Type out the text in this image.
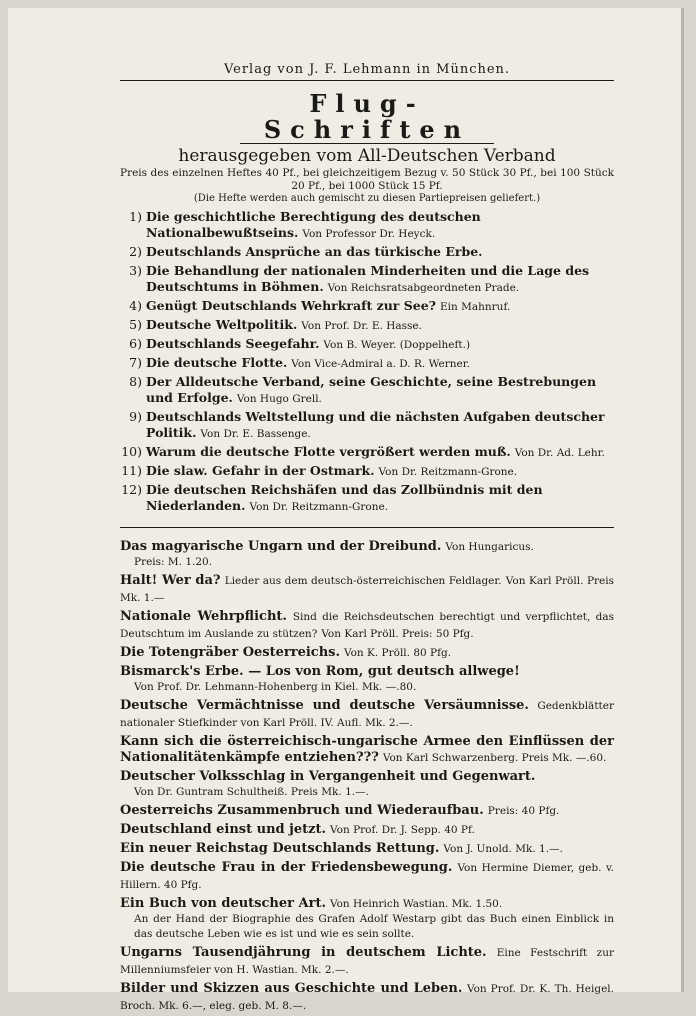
Verlag von J. F. Lehmann in München.
Flug-Schriften
herausgegeben vom All-Deutschen Verband
Preis des einzelnen Heftes 40 Pf., bei gleichzeitigem Bezug v. 50 Stück 30 Pf., bei 100 Stück 20 Pf., bei 1000 Stück 15 Pf.
(Die Hefte werden auch gemischt zu diesen Partiepreisen geliefert.)
1) Die geschichtliche Berechtigung des deutschen Nationalbewußtseins. Von Professor Dr. Heyck.
2) Deutschlands Ansprüche an das türkische Erbe.
3) Die Behandlung der nationalen Minderheiten und die Lage des Deutschtums in Böhmen. Von Reichsratsabgeordneten Prade.
4) Genügt Deutschlands Wehrkraft zur See? Ein Mahnruf.
5) Deutsche Weltpolitik. Von Prof. Dr. E. Hasse.
6) Deutschlands Seegefahr. Von B. Weyer. (Doppelheft.)
7) Die deutsche Flotte. Von Vice-Admiral a. D. R. Werner.
8) Der Alldeutsche Verband, seine Geschichte, seine Bestrebungen und Erfolge. Von Hugo Grell.
9) Deutschlands Weltstellung und die nächsten Aufgaben deutscher Politik. Von Dr. E. Bassenge.
10) Warum die deutsche Flotte vergrößert werden muß. Von Dr. Ad. Lehr.
11) Die slaw. Gefahr in der Ostmark. Von Dr. Reitzmann-Grone.
12) Die deutschen Reichshäfen und das Zollbündnis mit den Niederlanden. Von Dr. Reitzmann-Grone.
Das magyarische Ungarn und der Dreibund. Von Hungaricus.
Preis: M. 1.20.
Halt! Wer da? Lieder aus dem deutsch-österreichischen Feldlager. Von Karl Pröll. Preis Mk. 1.—
Nationale Wehrpflicht. Sind die Reichsdeutschen berechtigt und verpflichtet, das Deutschtum im Auslande zu stützen? Von Karl Pröll. Preis: 50 Pfg.
Die Totengräber Oesterreichs. Von K. Pröll. 80 Pfg.
Bismarck's Erbe. — Los von Rom, gut deutsch allwege!
Von Prof. Dr. Lehmann-Hohenberg in Kiel. Mk. —.80.
Deutsche Vermächtnisse und deutsche Versäumnisse. Gedenkblätter nationaler Stiefkinder von Karl Pröll. IV. Aufl. Mk. 2.—.
Kann sich die österreichisch-ungarische Armee den Einflüssen der Nationalitätenkämpfe entziehen??? Von Karl Schwarzenberg. Preis Mk. —.60.
Deutscher Volksschlag in Vergangenheit und Gegenwart.
Von Dr. Guntram Schultheiß. Preis Mk. 1.—.
Oesterreichs Zusammenbruch und Wiederaufbau. Preis: 40 Pfg.
Deutschland einst und jetzt. Von Prof. Dr. J. Sepp. 40 Pf.
Ein neuer Reichstag Deutschlands Rettung. Von J. Unold. Mk. 1.—.
Die deutsche Frau in der Friedensbewegung. Von Hermine Diemer, geb. v. Hillern. 40 Pfg.
Ein Buch von deutscher Art. Von Heinrich Wastian. Mk. 1.50.
An der Hand der Biographie des Grafen Adolf Westarp gibt das Buch einen Einblick in das deutsche Leben wie es ist und wie es sein sollte.
Ungarns Tausendjährung in deutschem Lichte. Eine Festschrift zur Millenniumsfeier von H. Wastian. Mk. 2.—.
Bilder und Skizzen aus Geschichte und Leben. Von Prof. Dr. K. Th. Heigel. Broch. Mk. 6.—, eleg. geb. M. 8.—.
